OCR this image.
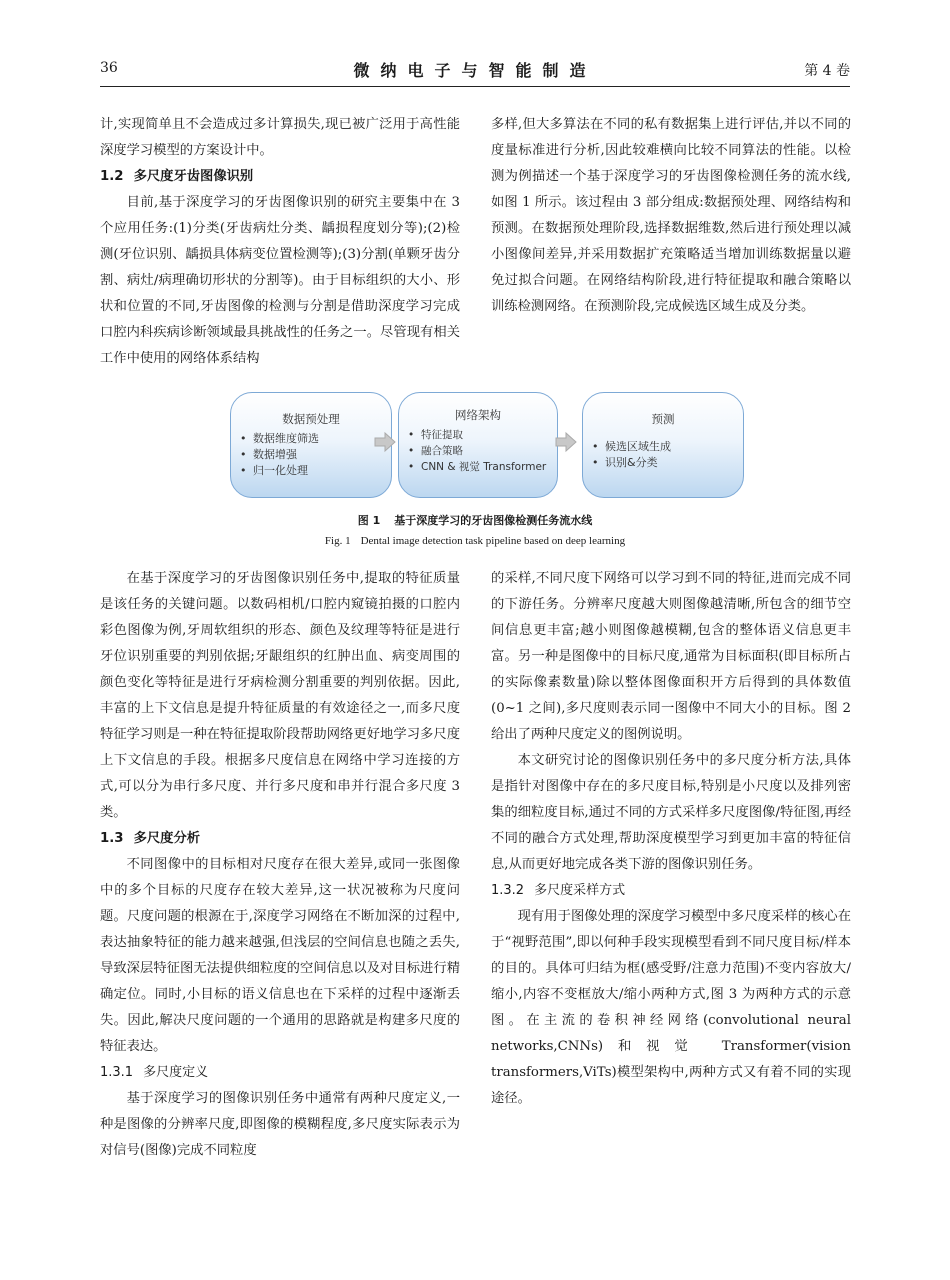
36	微纳电子与智能制造	第 4 卷

计,实现简单且不会造成过多计算损失,现已被广泛用于高性能深度学习模型的方案设计中。

1.2 多尺度牙齿图像识别

目前,基于深度学习的牙齿图像识别的研究主要集中在 3 个应用任务:(1)分类(牙齿病灶分类、龋损程度划分等);(2)检测(牙位识别、龋损具体病变位置检测等);(3)分割(单颗牙齿分割、病灶/病理确切形状的分割等)。由于目标组织的大小、形状和位置的不同,牙齿图像的检测与分割是借助深度学习完成口腔内科疾病诊断领域最具挑战性的任务之一。尽管现有相关工作中使用的网络体系结构

多样,但大多算法在不同的私有数据集上进行评估,并以不同的度量标准进行分析,因此较难横向比较不同算法的性能。以检测为例描述一个基于深度学习的牙齿图像检测任务的流水线,如图 1 所示。该过程由 3 部分组成:数据预处理、网络结构和预测。在数据预处理阶段,选择数据维数,然后进行预处理以减小图像间差异,并采用数据扩充策略适当增加训练数据量以避免过拟合问题。在网络结构阶段,进行特征提取和融合策略以训练检测网络。在预测阶段,完成候选区域生成及分类。

数据预处理
• 数据维度筛选
• 数据增强
• 归一化处理
网络架构
• 特征提取
• 融合策略
• CNN & 视觉 Transformer
预测
• 候选区域生成
• 识别&分类
图 1 基于深度学习的牙齿图像检测任务流水线
Fig. 1 Dental image detection task pipeline based on deep learning

在基于深度学习的牙齿图像识别任务中,提取的特征质量是该任务的关键问题。以数码相机/口腔内窥镜拍摄的口腔内彩色图像为例,牙周软组织的形态、颜色及纹理等特征是进行牙位识别重要的判别依据;牙龈组织的红肿出血、病变周围的颜色变化等特征是进行牙病检测分割重要的判别依据。因此,丰富的上下文信息是提升特征质量的有效途径之一,而多尺度特征学习则是一种在特征提取阶段帮助网络更好地学习多尺度上下文信息的手段。根据多尺度信息在网络中学习连接的方式,可以分为串行多尺度、并行多尺度和串并行混合多尺度 3 类。

1.3 多尺度分析

不同图像中的目标相对尺度存在很大差异,或同一张图像中的多个目标的尺度存在较大差异,这一状况被称为尺度问题。尺度问题的根源在于,深度学习网络在不断加深的过程中,表达抽象特征的能力越来越强,但浅层的空间信息也随之丢失,导致深层特征图无法提供细粒度的空间信息以及对目标进行精确定位。同时,小目标的语义信息也在下采样的过程中逐渐丢失。因此,解决尺度问题的一个通用的思路就是构建多尺度的特征表达。

1.3.1 多尺度定义

基于深度学习的图像识别任务中通常有两种尺度定义,一种是图像的分辨率尺度,即图像的模糊程度,多尺度实际表示为对信号(图像)完成不同粒度

的采样,不同尺度下网络可以学习到不同的特征,进而完成不同的下游任务。分辨率尺度越大则图像越清晰,所包含的细节空间信息更丰富;越小则图像越模糊,包含的整体语义信息更丰富。另一种是图像中的目标尺度,通常为目标面积(即目标所占的实际像素数量)除以整体图像面积开方后得到的具体数值(0~1 之间),多尺度则表示同一图像中不同大小的目标。图 2 给出了两种尺度定义的图例说明。

本文研究讨论的图像识别任务中的多尺度分析方法,具体是指针对图像中存在的多尺度目标,特别是小尺度以及排列密集的细粒度目标,通过不同的方式采样多尺度图像/特征图,再经不同的融合方式处理,帮助深度模型学习到更加丰富的特征信息,从而更好地完成各类下游的图像识别任务。

1.3.2 多尺度采样方式

现有用于图像处理的深度学习模型中多尺度采样的核心在于“视野范围”,即以何种手段实现模型看到不同尺度目标/样本的目的。具体可归结为框(感受野/注意力范围)不变内容放大/缩小,内容不变框放大/缩小两种方式,图 3 为两种方式的示意图。在主流的卷积神经网络(convolutional neural networks,CNNs)和视觉 Transformer(vision transformers,ViTs)模型架构中,两种方式又有着不同的实现途径。
